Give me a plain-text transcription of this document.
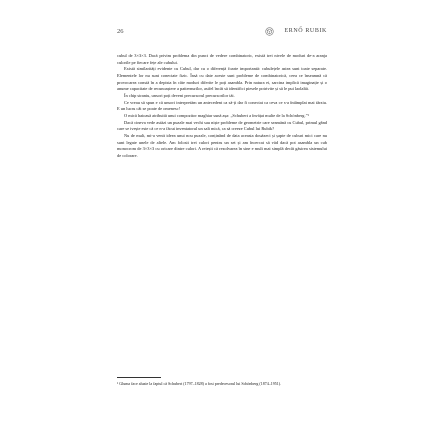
26	ERNŐ RUBIK

cubul de 3×3×3. Dacă privim problema din punct de vedere combinatoric, există trei nivele de moduri de-a aranja culorile pe fiecare fețe ale cubului.

Există similarități evidente cu Cubul, dar cu o diferență foarte importantă: cubulețele astea sunt toate separate. Elementele lor nu sunt conectate fizic. Însă cu date aceste sunt probleme de combinatorică, ceea ce înseamnă că provocarea constă în a depista în câte moduri diferite le poți asambla. Prin natura ei, sarcina implică imaginație și o anume capacitate de recunoaștere a patternurilor, astfel încât să identifici piesele potrivite și să le pui laolaltă.

În chip straniu, unsori poți deveni precursorul precursorilor tăi.

Ce vreau să spun e că unsori interpretăm un antecedent ca să-ți dar fi conectat ca ceva ce s-a întâmplat mai târziu. E un lucru cât se poate de omenesc!

O mică haioasă atribuită unui compozitor maghiar sună așa: „Schubert a învățat multe de la Schönberg.”¹

Dacă cineva vede astăzi un puzzle mai vechi sau niște probleme de geometrie care seamănă cu Cubul, primul gând care se ivește este că ce n-a făcut inventatorul un salt mică, ca să creeze Cubul lui Rubik?

Nu de mult, mi-a venit ideea unui nou puzzle, conținând de data aceasta douăzeci și șapte de cuburi mici care nu sunt legate unele de altele. Am folosit trei culori pentru un set și am încercat să văd dacă pot asambla un cub monocrom de 3×3×3 cu oricare dintre culori. A reieșit că rezolvarea în sine e mult mai simplă decât găsirea sistemului de colorare.

¹ Gluma face aluzie la faptul că Schubert (1797–1828) a fost predecesorul lui Schönberg (1874–1951).
